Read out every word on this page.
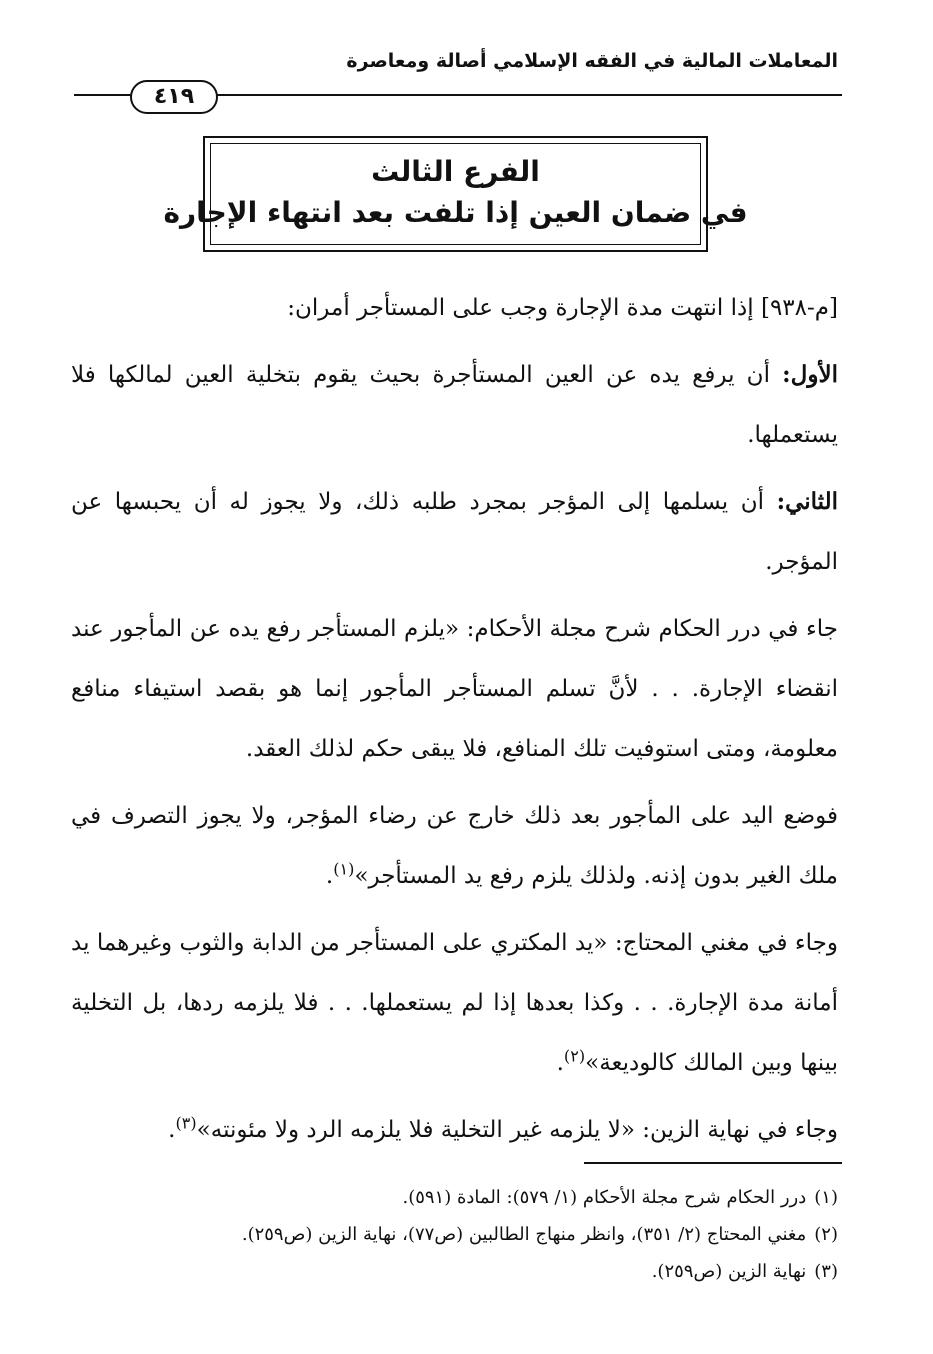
المعاملات المالية في الفقه الإسلامي أصالة ومعاصرة
٤١٩
الفرع الثالث
في ضمان العين إذا تلفت بعد انتهاء الإجارة

[م-٩٣٨] إذا انتهت مدة الإجارة وجب على المستأجر أمران:

الأول: أن يرفع يده عن العين المستأجرة بحيث يقوم بتخلية العين لمالكها فلا يستعملها.

الثاني: أن يسلمها إلى المؤجر بمجرد طلبه ذلك، ولا يجوز له أن يحبسها عن المؤجر.

جاء في درر الحكام شرح مجلة الأحكام: «يلزم المستأجر رفع يده عن المأجور عند انقضاء الإجارة. . . لأنَّ تسلم المستأجر المأجور إنما هو بقصد استيفاء منافع معلومة، ومتى استوفيت تلك المنافع، فلا يبقى حكم لذلك العقد.

فوضع اليد على المأجور بعد ذلك خارج عن رضاء المؤجر، ولا يجوز التصرف في ملك الغير بدون إذنه. ولذلك يلزم رفع يد المستأجر»$^{(١)}$.

وجاء في مغني المحتاج: «يد المكتري على المستأجر من الدابة والثوب وغيرهما يد أمانة مدة الإجارة. . . وكذا بعدها إذا لم يستعملها. . . فلا يلزمه ردها، بل التخلية بينها وبين المالك كالوديعة»$^{(٢)}$.

وجاء في نهاية الزين: «لا يلزمه غير التخلية فلا يلزمه الرد ولا مئونته»$^{(٣)}$.

(١)
درر الحكام شرح مجلة الأحكام (١/ ٥٧٩): المادة (٥٩١).
(٢)
مغني المحتاج (٢/ ٣٥١)، وانظر منهاج الطالبين (ص٧٧)، نهاية الزين (ص٢٥٩).
(٣)
نهاية الزين (ص٢٥٩).
